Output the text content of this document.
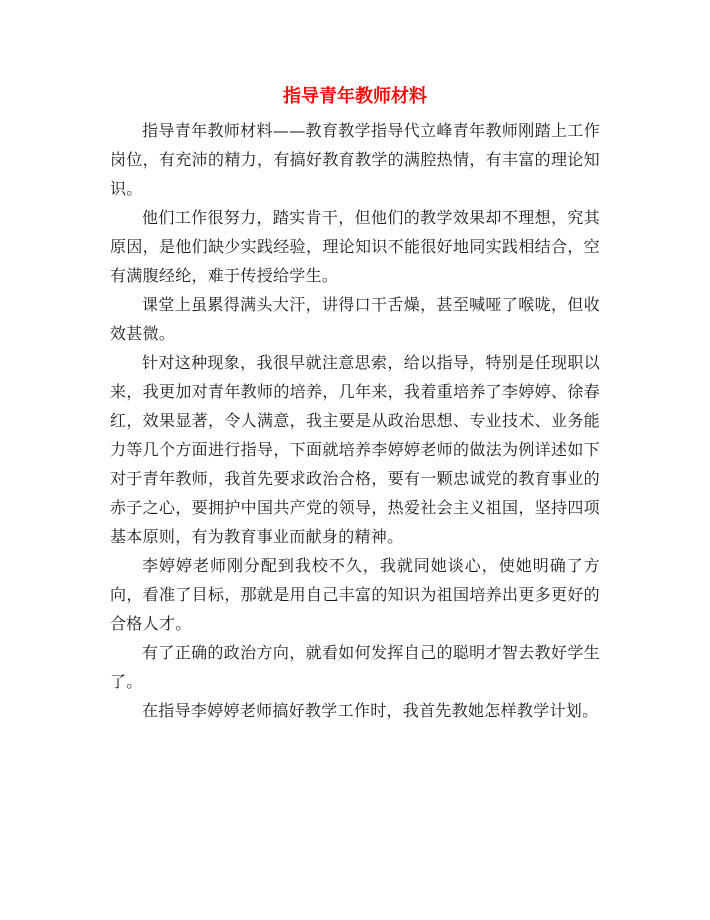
指导青年教师材料

指导青年教师材料——教育教学指导代立峰青年教师刚踏上工作岗位，有充沛的精力，有搞好教育教学的满腔热情，有丰富的理论知识。

他们工作很努力，踏实肯干，但他们的教学效果却不理想，究其原因，是他们缺少实践经验，理论知识不能很好地同实践相结合，空有满腹经纶，难于传授给学生。

课堂上虽累得满头大汗，讲得口干舌燥，甚至喊哑了喉咙，但收效甚微。

针对这种现象，我很早就注意思索，给以指导，特别是任现职以来，我更加对青年教师的培养，几年来，我着重培养了李婷婷、徐春红，效果显著，令人满意，我主要是从政治思想、专业技术、业务能力等几个方面进行指导，下面就培养李婷婷老师的做法为例详述如下对于青年教师，我首先要求政治合格，要有一颗忠诚党的教育事业的赤子之心，要拥护中国共产党的领导，热爱社会主义祖国，坚持四项基本原则，有为教育事业而献身的精神。

李婷婷老师刚分配到我校不久，我就同她谈心，使她明确了方向，看准了目标，那就是用自己丰富的知识为祖国培养出更多更好的合格人才。

有了正确的政治方向，就看如何发挥自己的聪明才智去教好学生了。

在指导李婷婷老师搞好教学工作时，我首先教她怎样教学计划。
